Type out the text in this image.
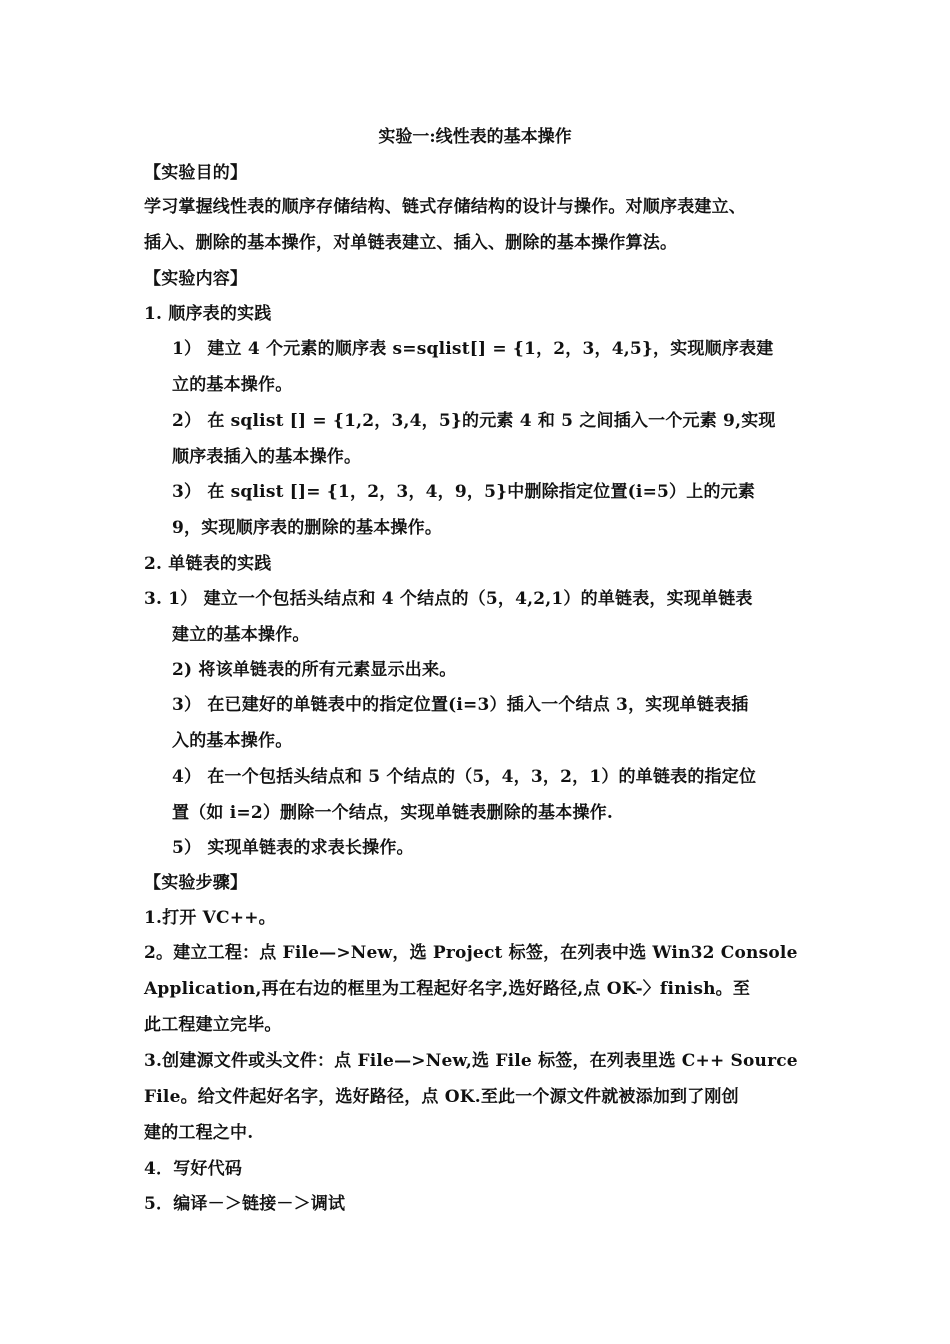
实验一:线性表的基本操作
【实验目的】
学习掌握线性表的顺序存储结构、链式存储结构的设计与操作。对顺序表建立、
插入、删除的基本操作，对单链表建立、插入、删除的基本操作算法。
【实验内容】
1. 顺序表的实践
1） 建立 4 个元素的顺序表 s=sqlist[] = {1，2，3，4,5}，实现顺序表建
立的基本操作。
2） 在 sqlist [] = {1,2，3,4，5}的元素 4 和 5 之间插入一个元素 9,实现
顺序表插入的基本操作。
3） 在 sqlist []= {1，2，3，4，9，5}中删除指定位置(i=5）上的元素
9，实现顺序表的删除的基本操作。
2. 单链表的实践
3. 1） 建立一个包括头结点和 4 个结点的（5，4,2,1）的单链表，实现单链表
建立的基本操作。
2) 将该单链表的所有元素显示出来。
3） 在已建好的单链表中的指定位置(i=3）插入一个结点 3，实现单链表插
入的基本操作。
4） 在一个包括头结点和 5 个结点的（5，4，3，2，1）的单链表的指定位
置（如 i=2）删除一个结点，实现单链表删除的基本操作.
5） 实现单链表的求表长操作。
【实验步骤】
1.打开 VC++。
2。建立工程：点 File—>New，选 Project 标签，在列表中选 Win32 Console
Application,再在右边的框里为工程起好名字,选好路径,点 OK-〉finish。至
此工程建立完毕。
3.创建源文件或头文件：点 File—>New,选 File 标签，在列表里选 C++ Source
File。给文件起好名字，选好路径，点 OK.至此一个源文件就被添加到了刚创
建的工程之中.
4．写好代码
5．编译－＞链接－＞调试
